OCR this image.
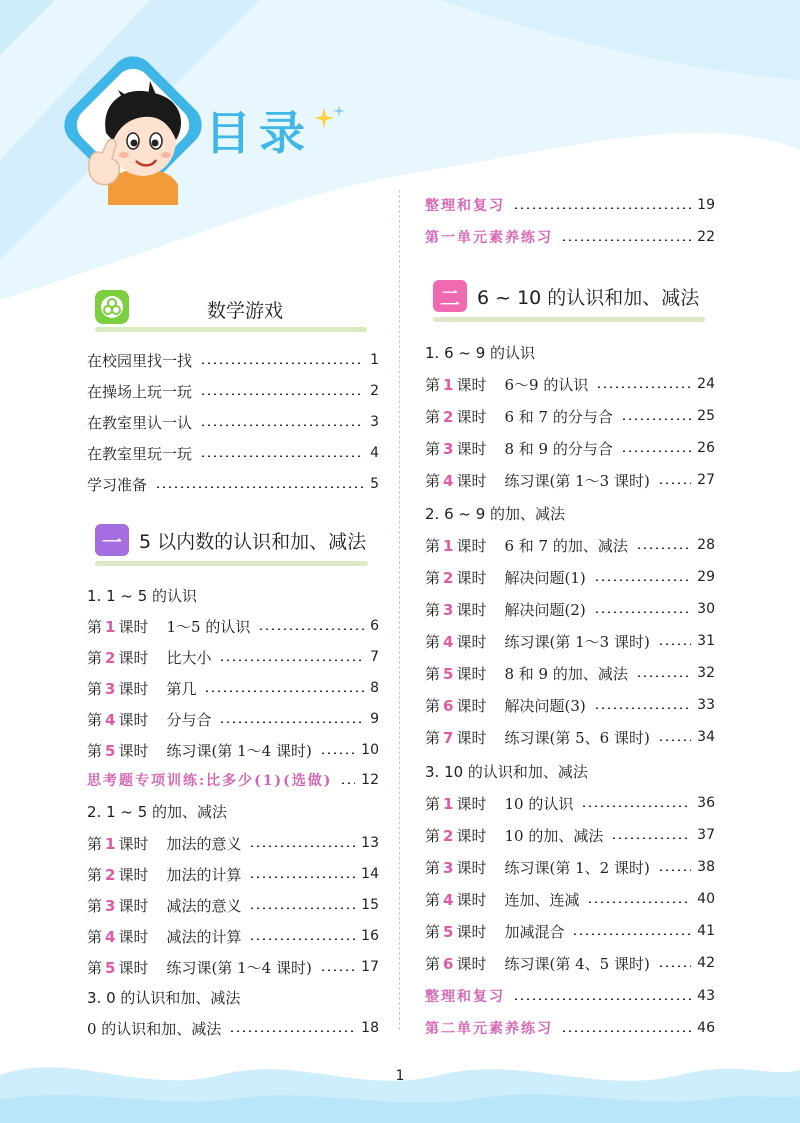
目录
数学游戏
在校园里找一找	1
在操场上玩一玩	2
在教室里认一认	3
在教室里玩一玩	4
学习准备	5
一 5 以内数的认识和加、减法
1. 1 ~ 5 的认识
第 1 课时 1～5 的认识	6
第 2 课时 比大小	7
第 3 课时 第几	8
第 4 课时 分与合	9
第 5 课时 练习课(第 1～4 课时)	10
思考题专项训练:比多少(1)(选做) 12
2. 1 ~ 5 的加、减法
第 1 课时 加法的意义	13
第 2 课时 加法的计算	14
第 3 课时 减法的意义	15
第 4 课时 减法的计算	16
第 5 课时 练习课(第 1～4 课时)	17
3. 0 的认识和加、减法
0 的认识和加、减法	18
整理和复习	19
第一单元素养练习	22
二 6 ~ 10 的认识和加、减法
1. 6 ~ 9 的认识
第 1 课时 6～9 的认识	24
第 2 课时 6 和 7 的分与合	25
第 3 课时 8 和 9 的分与合	26
第 4 课时 练习课(第 1～3 课时)	27
2. 6 ~ 9 的加、减法
第 1 课时 6 和 7 的加、减法	28
第 2 课时 解决问题(1)	29
第 3 课时 解决问题(2)	30
第 4 课时 练习课(第 1～3 课时)	31
第 5 课时 8 和 9 的加、减法	32
第 6 课时 解决问题(3)	33
第 7 课时 练习课(第 5、6 课时)	34
3. 10 的认识和加、减法
第 1 课时 10 的认识	36
第 2 课时 10 的加、减法	37
第 3 课时 练习课(第 1、2 课时)	38
第 4 课时 连加、连减	40
第 5 课时 加减混合	41
第 6 课时 练习课(第 4、5 课时)	42
整理和复习	43
第二单元素养练习	46
1
